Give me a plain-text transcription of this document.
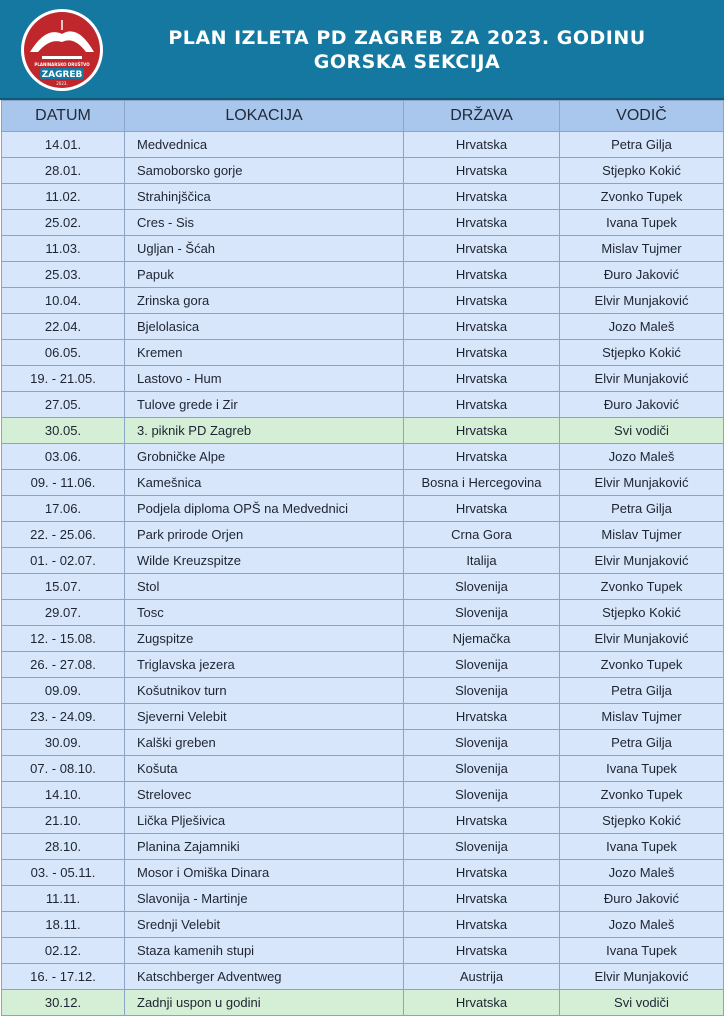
PLANINARSKO DRUŠTVO
ZAGREB
2023.
PLAN IZLETA PD ZAGREB ZA 2023. GODINU
GORSKA SEKCIJA
DATUM	LOKACIJA	DRŽAVA	VODIČ
14.01.	Medvednica	Hrvatska	Petra Gilja
28.01.	Samoborsko gorje	Hrvatska	Stjepko Kokić
11.02.	Strahinjščica	Hrvatska	Zvonko Tupek
25.02.	Cres - Sis	Hrvatska	Ivana Tupek
11.03.	Ugljan - Šćah	Hrvatska	Mislav Tujmer
25.03.	Papuk	Hrvatska	Đuro Jaković
10.04.	Zrinska gora	Hrvatska	Elvir Munjaković
22.04.	Bjelolasica	Hrvatska	Jozo Maleš
06.05.	Kremen	Hrvatska	Stjepko Kokić
19. - 21.05.	Lastovo - Hum	Hrvatska	Elvir Munjaković
27.05.	Tulove grede i Zir	Hrvatska	Đuro Jaković
30.05.	3. piknik PD Zagreb	Hrvatska	Svi vodiči
03.06.	Grobničke Alpe	Hrvatska	Jozo Maleš
09. - 11.06.	Kamešnica	Bosna i Hercegovina	Elvir Munjaković
17.06.	Podjela diploma OPŠ na Medvednici	Hrvatska	Petra Gilja
22. - 25.06.	Park prirode Orjen	Crna Gora	Mislav Tujmer
01. - 02.07.	Wilde Kreuzspitze	Italija	Elvir Munjaković
15.07.	Stol	Slovenija	Zvonko Tupek
29.07.	Tosc	Slovenija	Stjepko Kokić
12. - 15.08.	Zugspitze	Njemačka	Elvir Munjaković
26. - 27.08.	Triglavska jezera	Slovenija	Zvonko Tupek
09.09.	Košutnikov turn	Slovenija	Petra Gilja
23. - 24.09.	Sjeverni Velebit	Hrvatska	Mislav Tujmer
30.09.	Kalški greben	Slovenija	Petra Gilja
07. - 08.10.	Košuta	Slovenija	Ivana Tupek
14.10.	Strelovec	Slovenija	Zvonko Tupek
21.10.	Lička Plješivica	Hrvatska	Stjepko Kokić
28.10.	Planina Zajamniki	Slovenija	Ivana Tupek
03. - 05.11.	Mosor i Omiška Dinara	Hrvatska	Jozo Maleš
11.11.	Slavonija - Martinje	Hrvatska	Đuro Jaković
18.11.	Srednji Velebit	Hrvatska	Jozo Maleš
02.12.	Staza kamenih stupi	Hrvatska	Ivana Tupek
16. - 17.12.	Katschberger Adventweg	Austrija	Elvir Munjaković
30.12.	Zadnji uspon u godini	Hrvatska	Svi vodiči
